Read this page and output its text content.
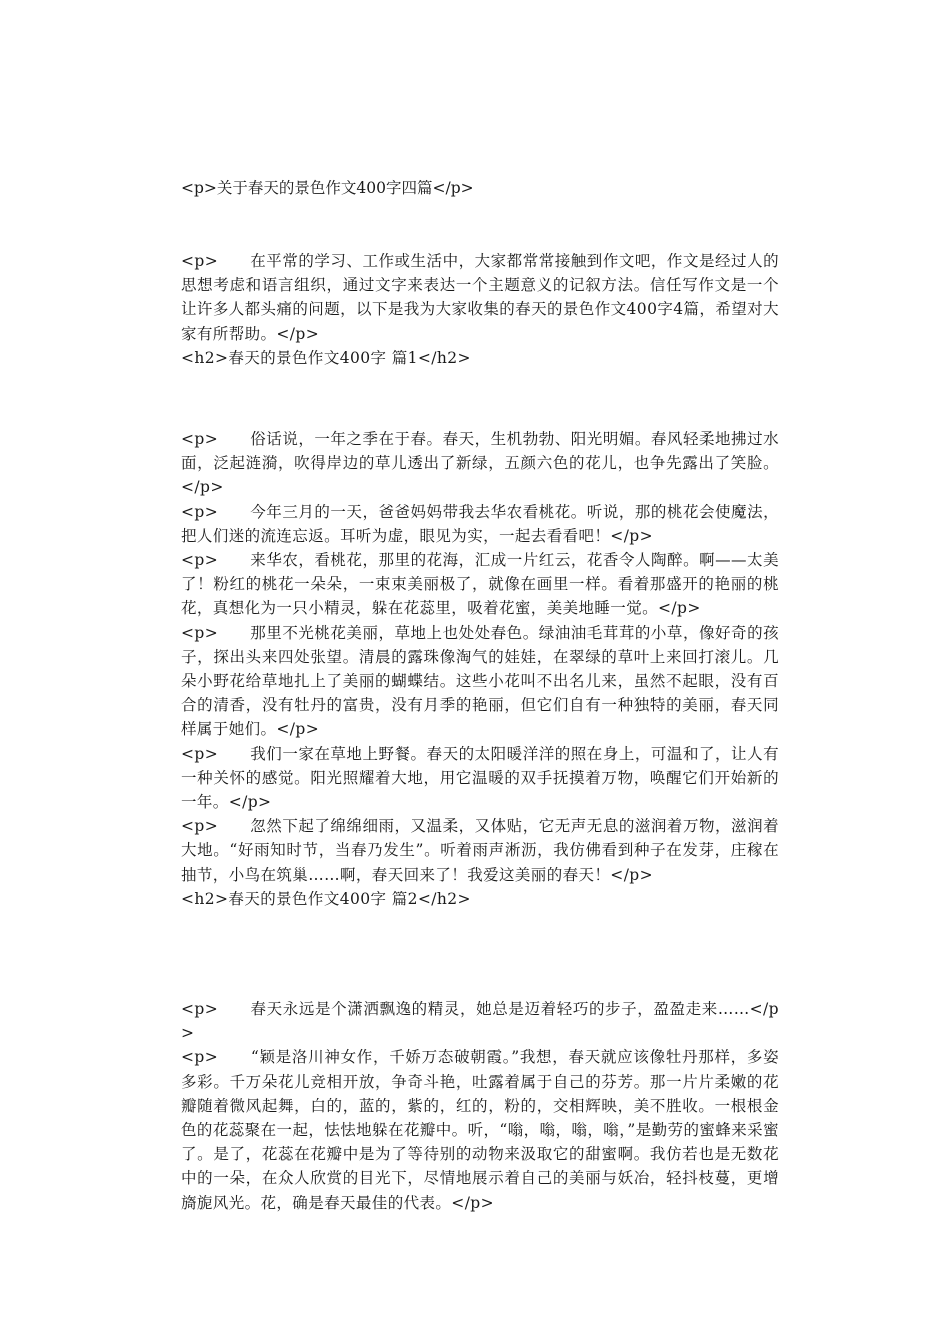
<p>关于春天的景色作文400字四篇</p>
<p>　　在平常的学习、工作或生活中，大家都常常接触到作文吧，作文是经过人的思想考虑和语言组织，通过文字来表达一个主题意义的记叙方法。信任写作文是一个让许多人都头痛的问题，以下是我为大家收集的春天的景色作文400字4篇，希望对大家有所帮助。</p>
<h2>春天的景色作文400字 篇1</h2>
<p>　　俗话说，一年之季在于春。春天，生机勃勃、阳光明媚。春风轻柔地拂过水面，泛起涟漪，吹得岸边的草儿透出了新绿，五颜六色的花儿，也争先露出了笑脸。</p>
<p>　　今年三月的一天，爸爸妈妈带我去华农看桃花。听说，那的桃花会使魔法，把人们迷的流连忘返。耳听为虚，眼见为实，一起去看看吧！</p>
<p>　　来华农，看桃花，那里的花海，汇成一片红云，花香令人陶醉。啊——太美了！粉红的桃花一朵朵，一束束美丽极了，就像在画里一样。看着那盛开的艳丽的桃花，真想化为一只小精灵，躲在花蕊里，吸着花蜜，美美地睡一觉。</p>
<p>　　那里不光桃花美丽，草地上也处处春色。绿油油毛茸茸的小草，像好奇的孩子，探出头来四处张望。清晨的露珠像淘气的娃娃，在翠绿的草叶上来回打滚儿。几朵小野花给草地扎上了美丽的蝴蝶结。这些小花叫不出名儿来，虽然不起眼，没有百合的清香，没有牡丹的富贵，没有月季的艳丽，但它们自有一种独特的美丽，春天同样属于她们。</p>
<p>　　我们一家在草地上野餐。春天的太阳暖洋洋的照在身上，可温和了，让人有一种关怀的感觉。阳光照耀着大地，用它温暖的双手抚摸着万物，唤醒它们开始新的一年。</p>
<p>　　忽然下起了绵绵细雨，又温柔，又体贴，它无声无息的滋润着万物，滋润着大地。“好雨知时节，当春乃发生”。听着雨声淅沥，我仿佛看到种子在发芽，庄稼在抽节，小鸟在筑巢……啊，春天回来了！我爱这美丽的春天！</p>
<h2>春天的景色作文400字 篇2</h2>
<p>　　春天永远是个潇洒飘逸的精灵，她总是迈着轻巧的步子，盈盈走来……</p>
<p>　　“颖是洛川神女作，千娇万态破朝霞。”我想，春天就应该像牡丹那样，多姿多彩。千万朵花儿竞相开放，争奇斗艳，吐露着属于自己的芬芳。那一片片柔嫩的花瓣随着微风起舞，白的，蓝的，紫的，红的，粉的，交相辉映，美不胜收。一根根金色的花蕊聚在一起，怯怯地躲在花瓣中。听，“嗡，嗡，嗡，嗡，”是勤劳的蜜蜂来采蜜了。是了，花蕊在花瓣中是为了等待别的动物来汲取它的甜蜜啊。我仿若也是无数花中的一朵，在众人欣赏的目光下，尽情地展示着自己的美丽与妖冶，轻抖枝蔓，更增旖旎风光。花，确是春天最佳的代表。</p>
